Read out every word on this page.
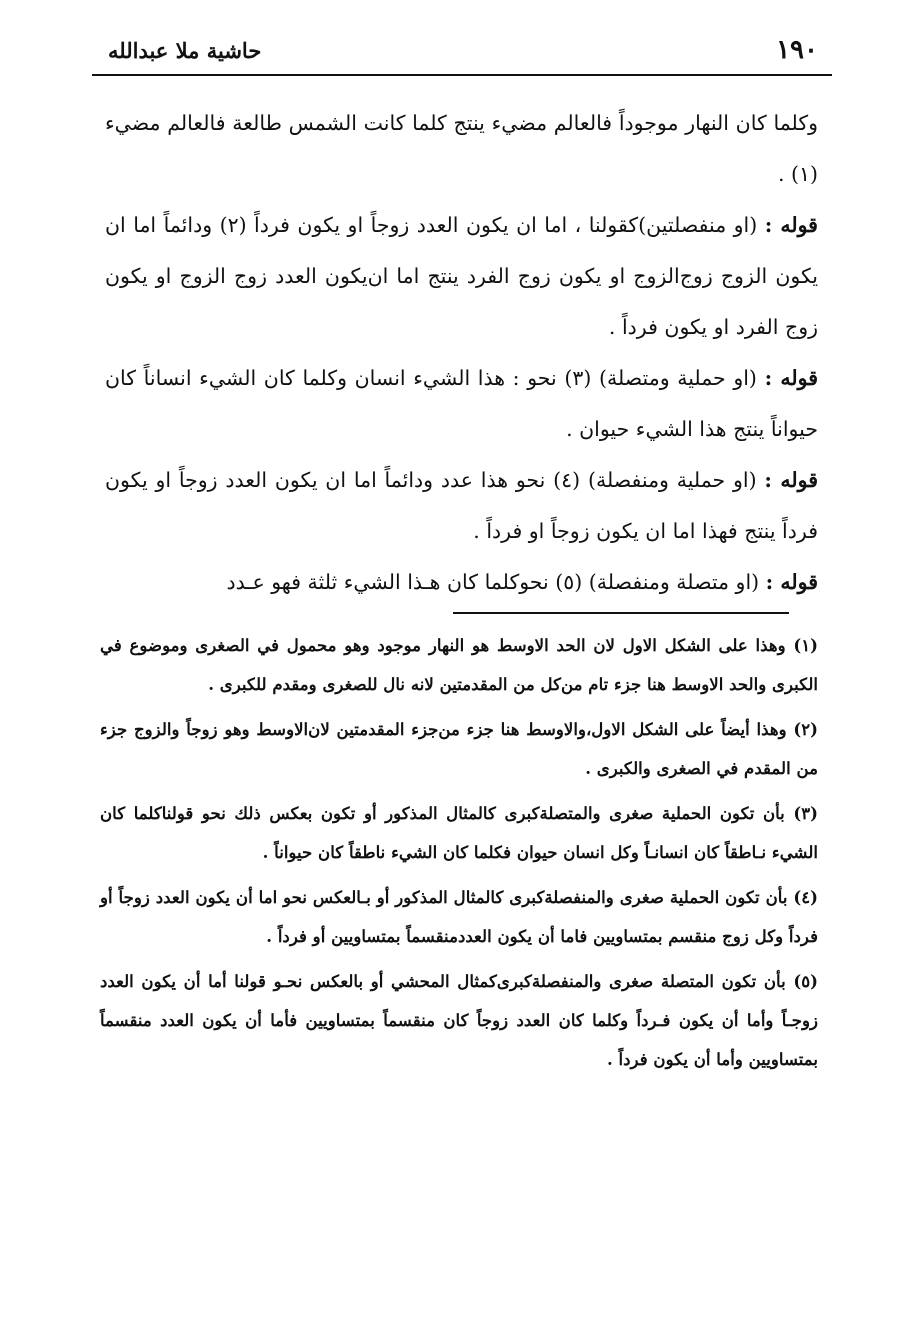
١٩٠
حاشية ملا عبدالله

وكلما كان النهار موجوداً فالعالم مضيء ينتج كلما كانت الشمس طالعة فالعالم مضيء (١) .

قوله : (او منفصلتين)كقولنا ، اما ان يكون العدد زوجاً او يكون فرداً (٢) ودائماً اما ان يكون الزوج زوج‌الزوج او يكون زوج الفرد ينتج اما ان‌يكون العدد زوج الزوج او يكون زوج الفرد او يكون فرداً .

قوله : (او حملية ومتصلة) (٣) نحو : هذا الشيء انسان وكلما كان الشيء انساناً كان حيواناً ينتج هذا الشيء حيوان .

قوله : (او حملية ومنفصلة) (٤) نحو هذا عدد ودائماً اما ان يكون العدد زوجاً او يكون فرداً ينتج فهذا اما ان يكون زوجاً او فرداً .

قوله : (او متصلة ومنفصلة) (٥) نحوكلما كان هـذا الشيء ثلثة فهو عـدد

(١) وهذا على الشكل الاول لان الحد الاوسط هو النهار موجود وهو محمول في الصغرى وموضوع في الكبرى والحد الاوسط هنا جزء تام من‌كل من المقدمتين لانه نال للصغرى ومقدم للكبرى .

(٢) وهذا أيضاً على الشكل الاول،والاوسط هنا جزء من‌جزء المقدمتين لان‌الاوسط وهو زوجاً والزوج جزء من المقدم في الصغرى والكبرى .

(٣) بأن تكون الحملية صغرى والمتصلة‌كبرى كالمثال المذكور أو تكون بعكس ذلك نحو قولناكلما كان الشيء نـاطقاً كان انسانـاً وكل انسان حيوان فكلما كان الشيء ناطقاً كان حيواناً .

(٤) بأن تكون الحملية صغرى والمنفصلة‌كبرى كالمثال المذكور أو بـالعكس نحو اما أن يكون العدد زوجاً أو فرداً وكل زوج منقسم بمتساويين فاما أن يكون العددمنقسماً بمتساويين أو فرداً .

(٥) بأن تكون المتصلة صغرى والمنفصلة‌كبرى‌كمثال المحشي أو بالعكس نحـو قولنا أما أن يكون العدد زوجـاً وأما أن يكون فـرداً وكلما كان العدد زوجاً كان منقسماً بمتساويين فأما أن يكون العدد منقسماً بمتساويين وأما أن يكون فرداً .
